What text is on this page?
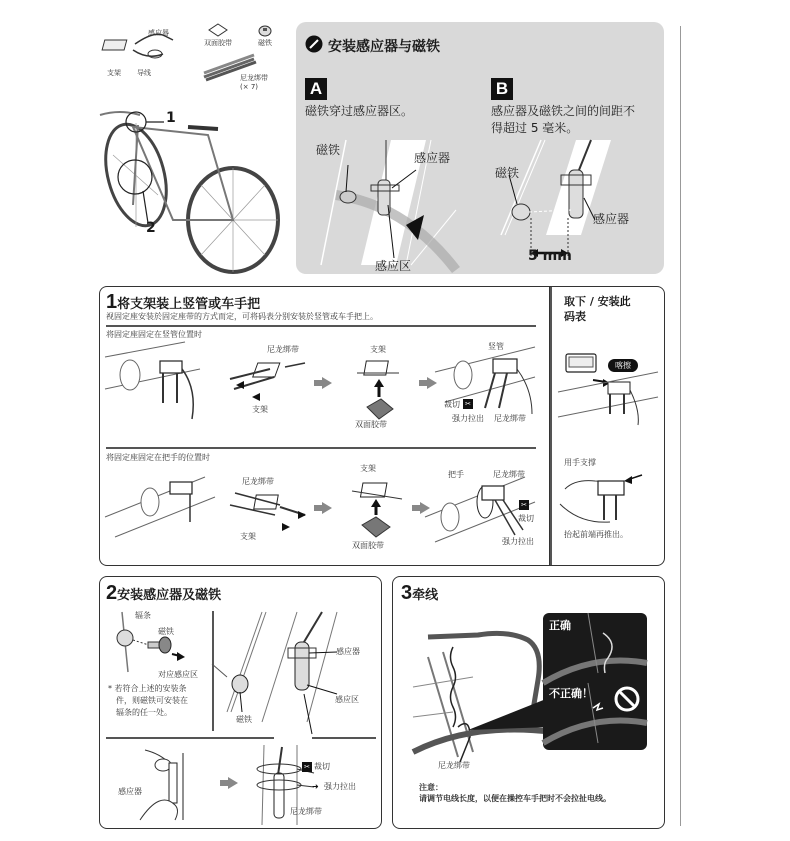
感应器
支架 导线
双面胶带	磁铁
尼龙绑带
(× 7)
1
2
安装感应器与磁铁
A
磁铁穿过感应器区。
B
感应器及磁铁之间的间距不
得超过 5 毫米。
磁铁
感应器
感应区
磁铁
感应器
5 mm
1将支架装上竖管或车手把
视固定座安装於固定座带的方式而定，可将码表分别安装於竖管或车手把上。
将固定座固定在竖管位置时
尼龙绑带
支架
支架
双面胶带
竖管
裁切 ✂
强力拉出 尼龙绑带
将固定座固定在把手的位置时
尼龙绑带
支架
支架
双面胶带
把手	尼龙绑带
✂
裁切
强力拉出
取下 / 安装此
码表
喀擦
用手支撑
抬起前端再推出。
2安装感应器及磁铁
辐条
磁铁
对应感应区
* 若符合上述的安装条
件，则磁铁可安装在
辐条的任一处。
感应器
感应区
磁铁
感应器
✂ 裁切
➜ 强力拉出
尼龙绑带
3牵线
正确
不正确！
尼龙绑带
注意：
请调节电线长度，以便在操控车手把时不会拉扯电线。
